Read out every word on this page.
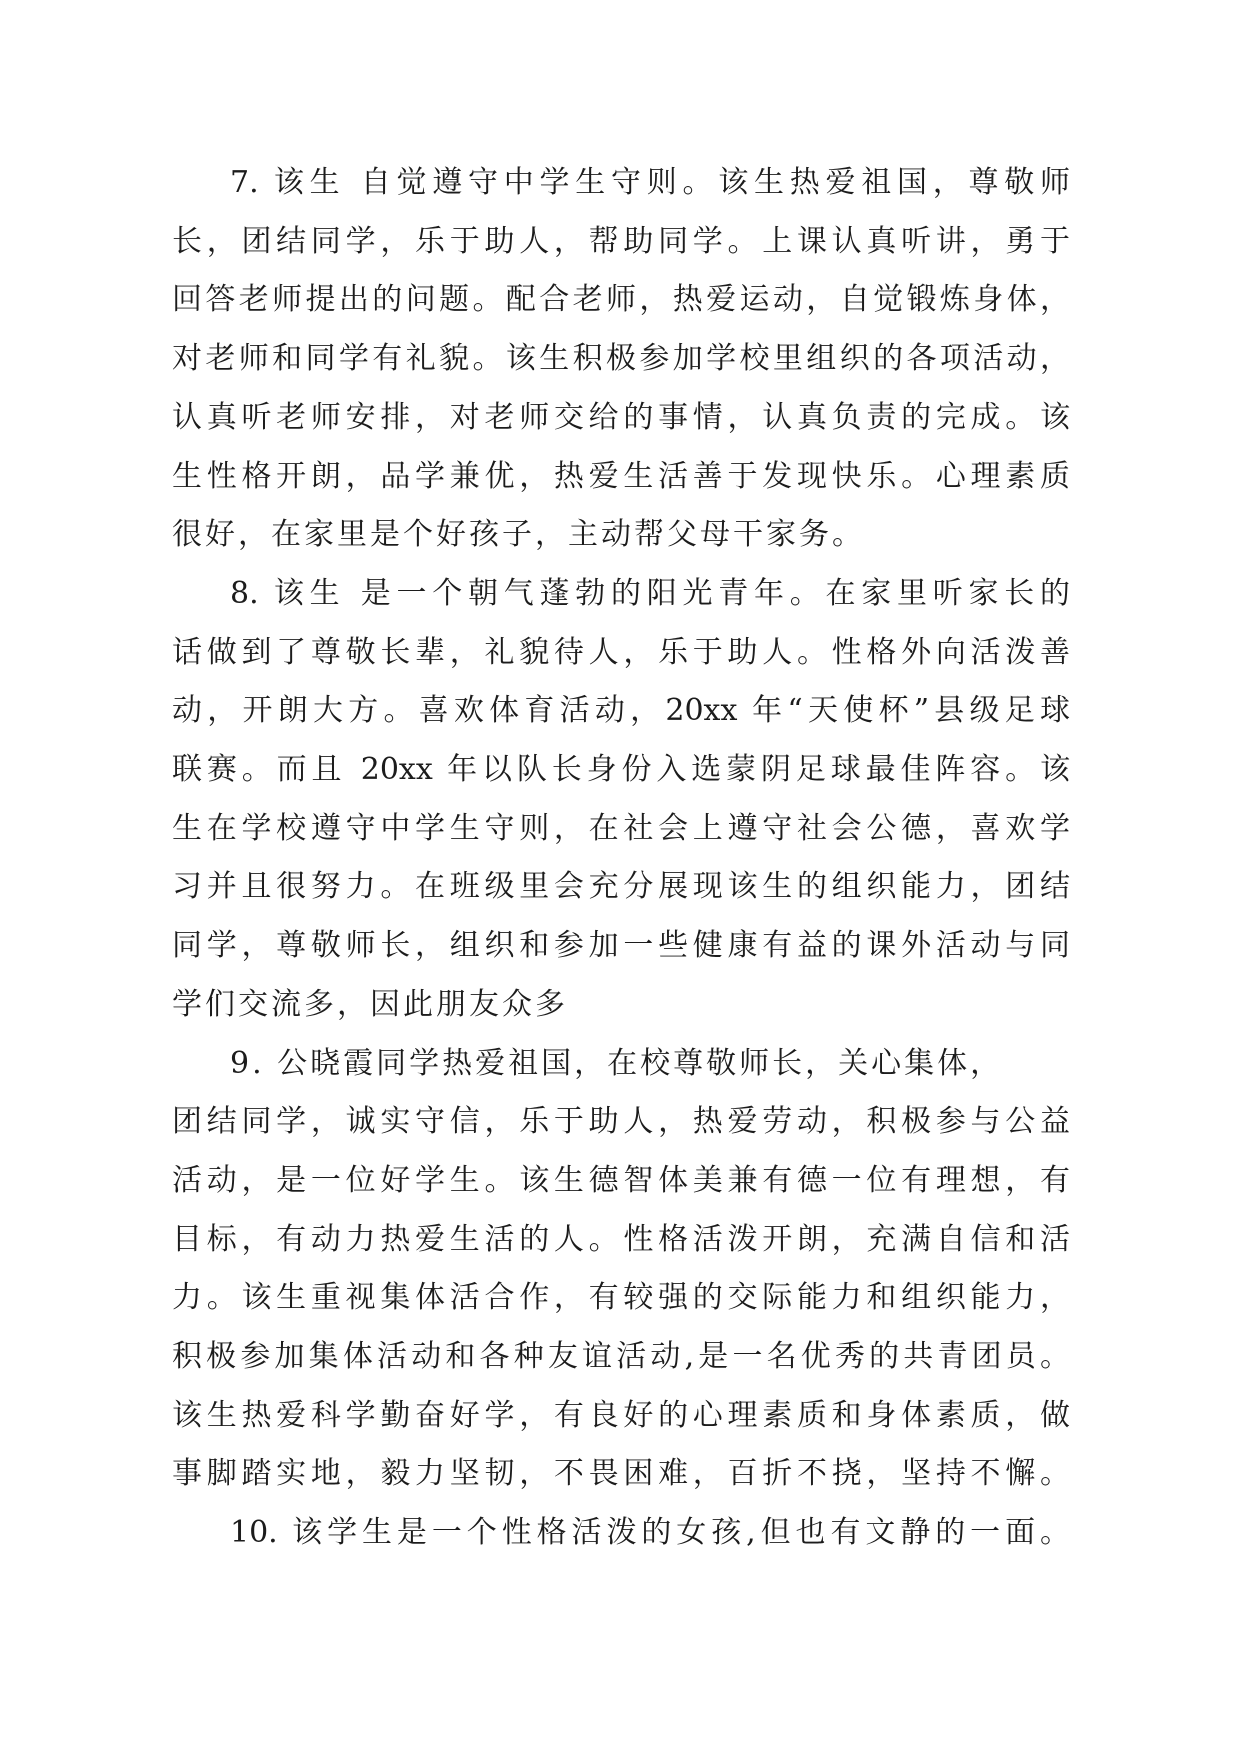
7. 该生 自觉遵守中学生守则。该生热爱祖国，尊敬师
长，团结同学，乐于助人，帮助同学。上课认真听讲，勇于
回答老师提出的问题。配合老师，热爱运动，自觉锻炼身体，
对老师和同学有礼貌。该生积极参加学校里组织的各项活动，
认真听老师安排，对老师交给的事情，认真负责的完成。该
生性格开朗，品学兼优，热爱生活善于发现快乐。心理素质
很好，在家里是个好孩子，主动帮父母干家务。
8. 该生 是一个朝气蓬勃的阳光青年。在家里听家长的
话做到了尊敬长辈，礼貌待人，乐于助人。性格外向活泼善
动，开朗大方。喜欢体育活动，20xx 年“天使杯”县级足球
联赛。而且 20xx 年以队长身份入选蒙阴足球最佳阵容。该
生在学校遵守中学生守则，在社会上遵守社会公德，喜欢学
习并且很努力。在班级里会充分展现该生的组织能力，团结
同学，尊敬师长，组织和参加一些健康有益的课外活动与同
学们交流多，因此朋友众多
9. 公晓霞同学热爱祖国，在校尊敬师长，关心集体，
团结同学，诚实守信，乐于助人，热爱劳动，积极参与公益
活动，是一位好学生。该生德智体美兼有德一位有理想，有
目标，有动力热爱生活的人。性格活泼开朗，充满自信和活
力。该生重视集体活合作，有较强的交际能力和组织能力，
积极参加集体活动和各种友谊活动,是一名优秀的共青团员。
该生热爱科学勤奋好学，有良好的心理素质和身体素质，做
事脚踏实地，毅力坚韧，不畏困难，百折不挠，坚持不懈。
10. 该学生是一个性格活泼的女孩,但也有文静的一面。
